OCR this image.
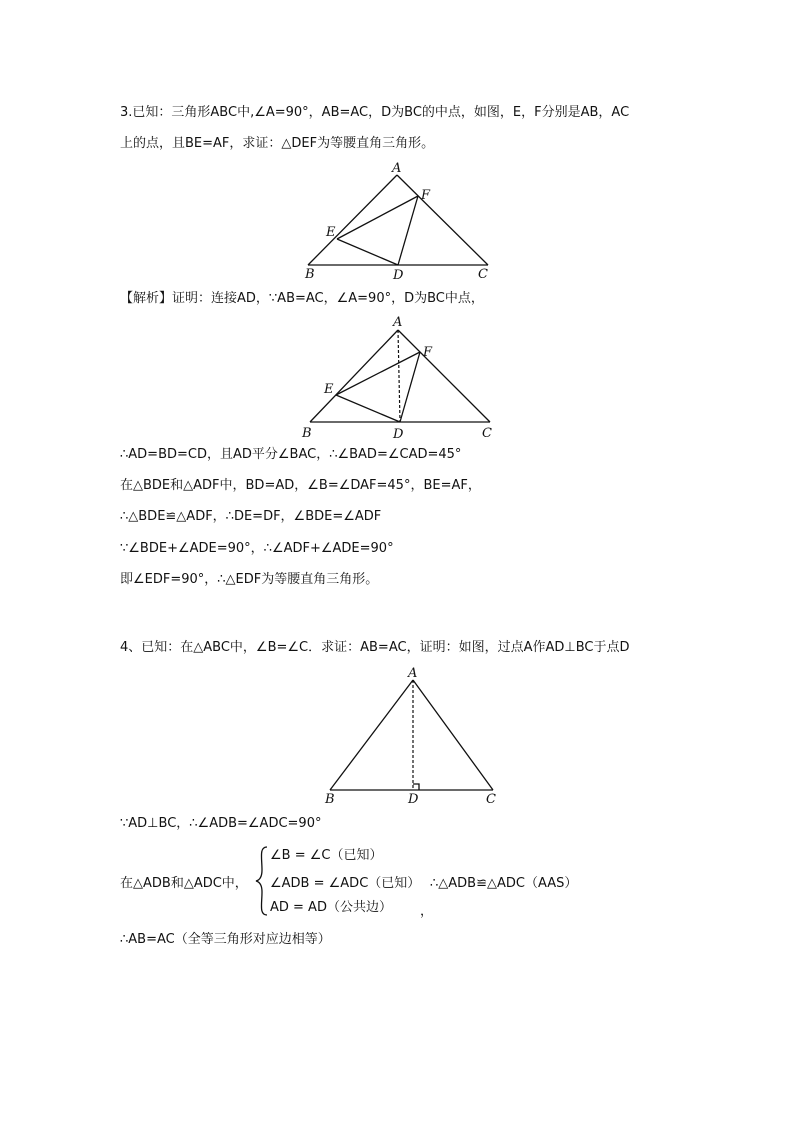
3.已知：三角形ABC中,∠A=90°，AB=AC，D为BC的中点，如图，E，F分别是AB，AC
上的点，且BE=AF，求证：△DEF为等腰直角三角形。
A
B	C
D
E
F
【解析】证明：连接AD，∵AB=AC，∠A=90°，D为BC中点，
A
B	C
D
E
F
∴AD=BD=CD，且AD平分∠BAC，∴∠BAD=∠CAD=45°
在△BDE和△ADF中，BD=AD，∠B=∠DAF=45°，BE=AF，
∴△BDE≌△ADF，∴DE=DF，∠BDE=∠ADF
∵∠BDE+∠ADE=90°，∴∠ADF+∠ADE=90°
即∠EDF=90°，∴△EDF为等腰直角三角形。
4、已知：在△ABC中，∠B=∠C．求证：AB=AC，证明：如图，过点A作AD⊥BC于点D
A
B	C
D
∵AD⊥BC，∴∠ADB=∠ADC=90°
在△ADB和△ADC中，
∠B = ∠C（已知）
∠ADB = ∠ADC（已知）
AD = AD（公共边）
∴△ADB≌△ADC（AAS）
，
∴AB=AC（全等三角形对应边相等）
